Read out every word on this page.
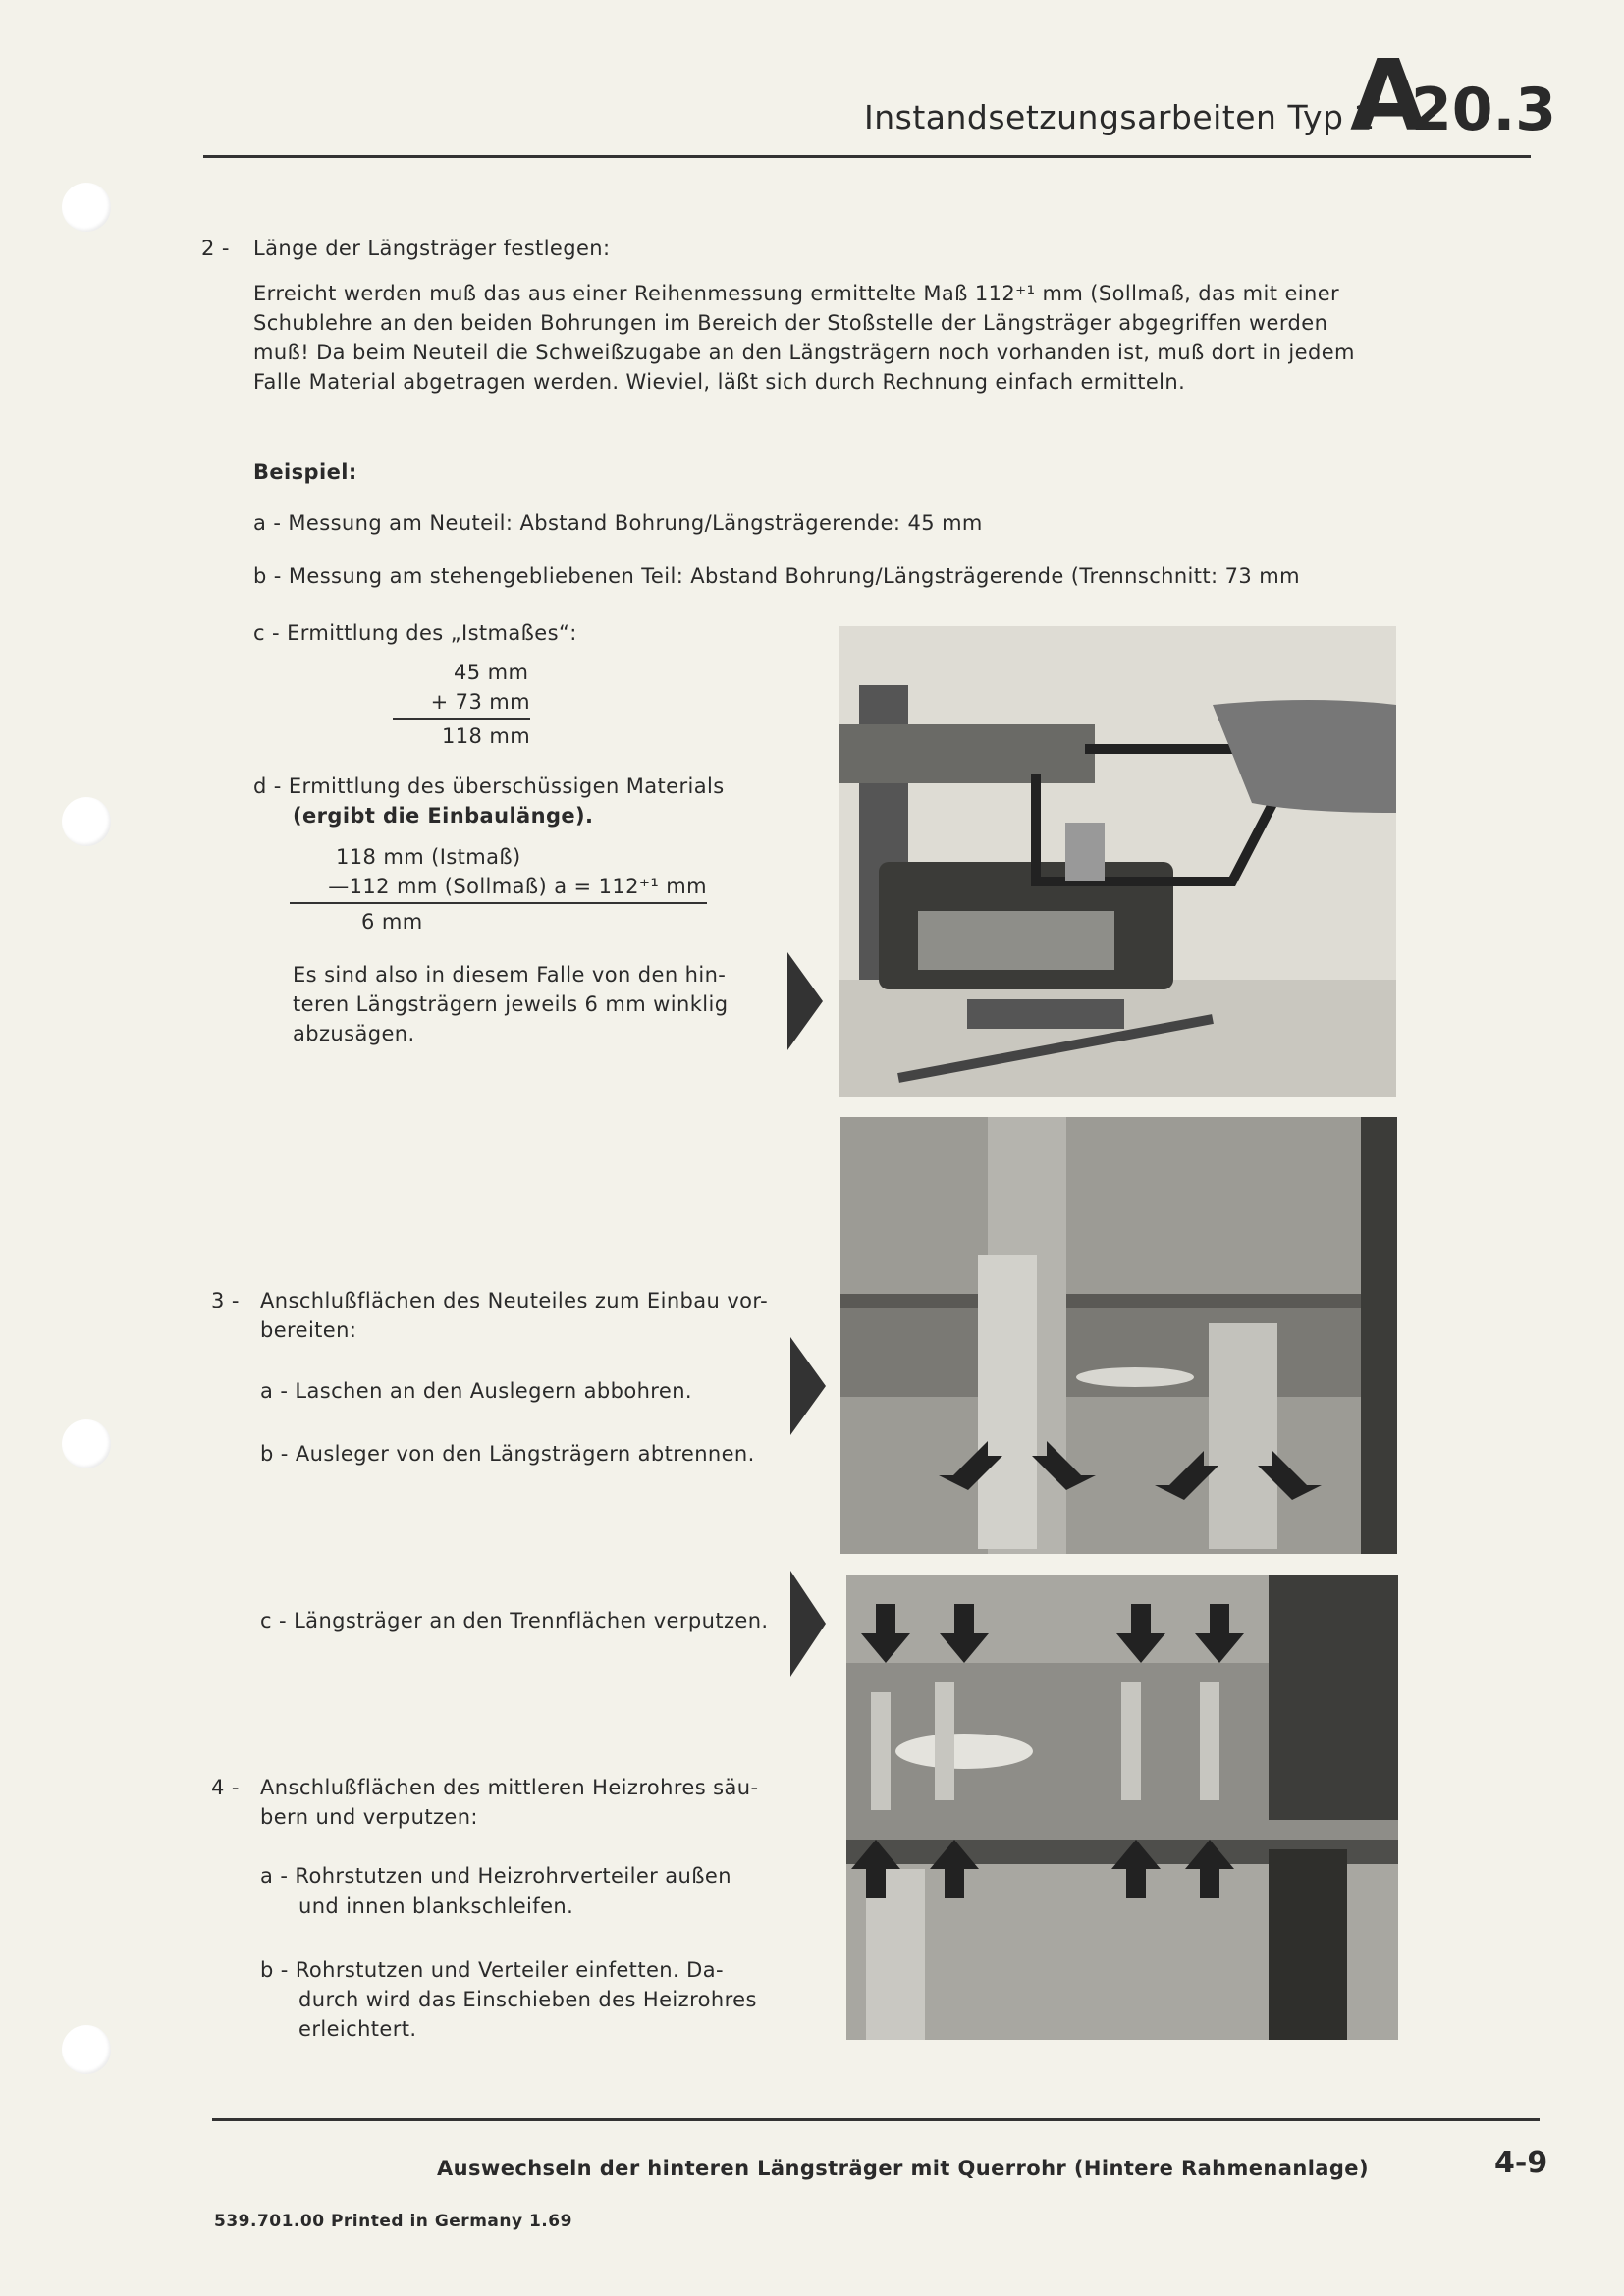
Instandsetzungsarbeiten Typ 2
A
20.3
2 - Länge der Längsträger festlegen:
Erreicht werden muß das aus einer Reihenmessung ermittelte Maß 112⁺¹ mm (Sollmaß, das mit einer
Schublehre an den beiden Bohrungen im Bereich der Stoßstelle der Längsträger abgegriffen werden
muß! Da beim Neuteil die Schweißzugabe an den Längsträgern noch vorhanden ist, muß dort in jedem
Falle Material abgetragen werden. Wieviel, läßt sich durch Rechnung einfach ermitteln.
Beispiel:
a - Messung am Neuteil: Abstand Bohrung/Längsträgerende: 45 mm
b - Messung am stehengebliebenen Teil: Abstand Bohrung/Längsträgerende (Trennschnitt: 73 mm
c - Ermittlung des „Istmaßes“:
45 mm
+ 73 mm
118 mm
d - Ermittlung des überschüssigen Materials
(ergibt die Einbaulänge).
118 mm (Istmaß)
—112 mm (Sollmaß) a = 112⁺¹ mm
6 mm
Es sind also in diesem Falle von den hin-
teren Längsträgern jeweils 6 mm winklig
abzusägen.
3 - Anschlußflächen des Neuteiles zum Einbau vor-
bereiten:
a - Laschen an den Auslegern abbohren.
b - Ausleger von den Längsträgern abtrennen.
c - Längsträger an den Trennflächen verputzen.
4 - Anschlußflächen des mittleren Heizrohres säu-
bern und verputzen:
a - Rohrstutzen und Heizrohrverteiler außen
und innen blankschleifen.
b - Rohrstutzen und Verteiler einfetten. Da-
durch wird das Einschieben des Heizrohres
erleichtert.
Auswechseln der hinteren Längsträger mit Querrohr (Hintere Rahmenanlage)	4-9
539.701.00 Printed in Germany 1.69
